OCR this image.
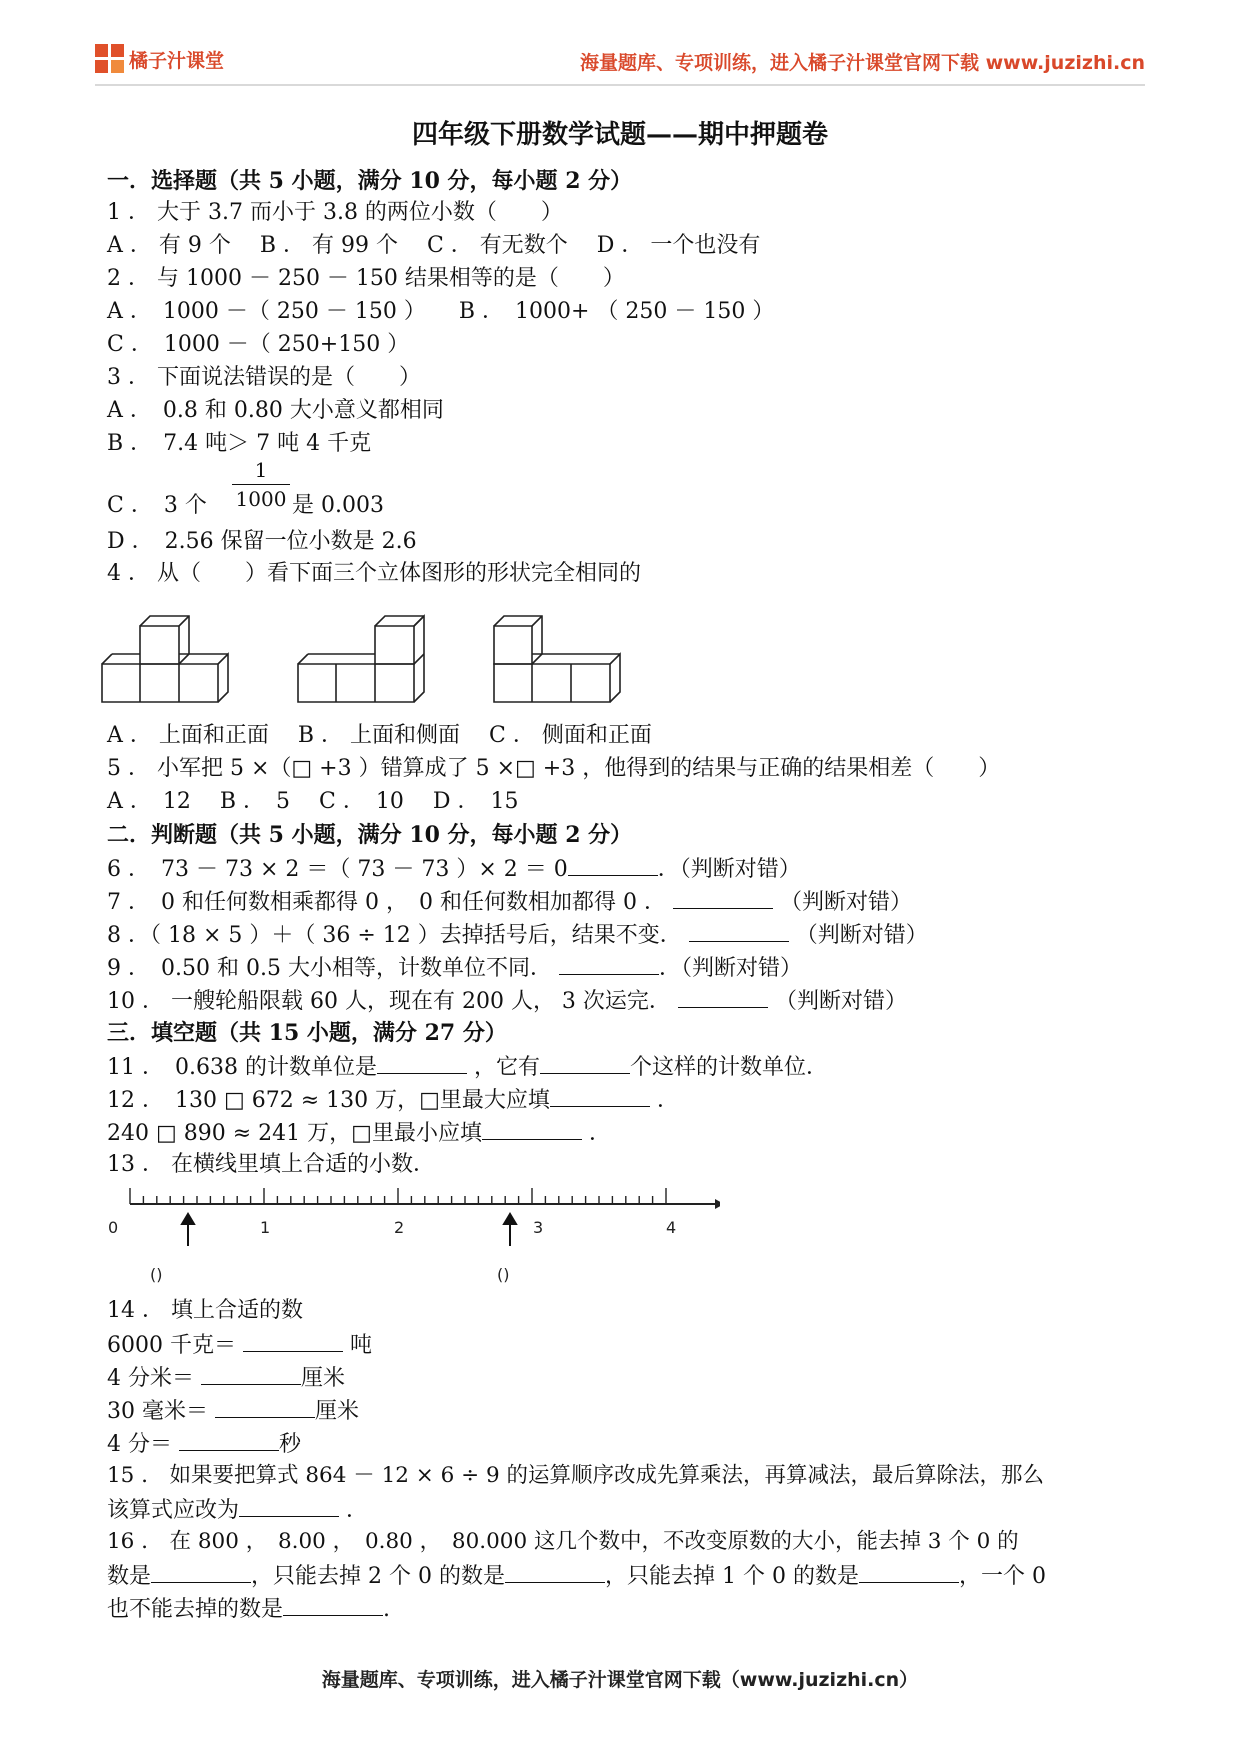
橘子汁课堂	海量题库、专项训练，进入橘子汁课堂官网下载 www.juzizhi.cn
四年级下册数学试题——期中押题卷
一．选择题（共 5 小题，满分 10 分，每小题 2 分）
1 ． 大于 3.7 而小于 3.8 的两位小数（　　）
A ． 有 9 个　 B ． 有 99 个　 C ． 有无数个　 D ． 一个也没有
2 ． 与 1000 － 250 － 150 结果相等的是（　　）
A ．　1000 －（ 250 － 150 ）　　B ．　1000+ （ 250 － 150 ）
C ．　1000 －（ 250+150 ）
3 ． 下面说法错误的是（　　）
A ．　0.8 和 0.80 大小意义都相同
B ．　7.4 吨＞ 7 吨 4 千克
C ．　3 个
1
1000 是 0.003
D ．　2.56 保留一位小数是 2.6
4 ． 从（　　）看下面三个立体图形的形状完全相同的
A ． 上面和正面　 B ． 上面和侧面　 C ． 侧面和正面
5 ． 小军把 5 ×（□ +3 ）错算成了 5 ×□ +3 ，他得到的结果与正确的结果相差（　　）
A ．　12　 B ．　5　 C ．　10　 D ．　15
二．判断题（共 5 小题，满分 10 分，每小题 2 分）
6 ．　73 － 73 × 2 ＝（ 73 － 73 ）× 2 ＝ 0	．（判断对错）
7 ．　0 和任何数相乘都得 0 ，　0 和任何数相加都得 0 ．	（判断对错）
8 ．（ 18 × 5 ）＋（ 36 ÷ 12 ）去掉括号后，结果不变．	（判断对错）
9 ．　0.50 和 0.5 大小相等，计数单位不同．	．（判断对错）
10 ． 一艘轮船限载 60 人，现在有 200 人， 3 次运完．	（判断对错）
三．填空题（共 15 小题，满分 27 分）
11 ．　0.638 的计数单位是	，它有	个这样的计数单位．
12 ．　130 □ 672 ≈ 130 万，□里最大应填	．
240 □ 890 ≈ 241 万，□里最小应填	．
13 ． 在横线里填上合适的小数．
0	1	2	3	4
()	()
14 ． 填上合适的数
6000 千克＝	吨
4 分米＝	厘米
30 毫米＝	厘米
4 分＝	秒
15 ． 如果要把算式 864 － 12 × 6 ÷ 9 的运算顺序改成先算乘法，再算减法，最后算除法，那么
该算式应改为	．
16 ． 在 800 ，　8.00 ，　0.80 ，　80.000 这几个数中，不改变原数的大小，能去掉 3 个 0 的
数是	，只能去掉 2 个 0 的数是	，只能去掉 1 个 0 的数是	，一个 0
也不能去掉的数是	.
海量题库、专项训练，进入橘子汁课堂官网下载（www.juzizhi.cn）
